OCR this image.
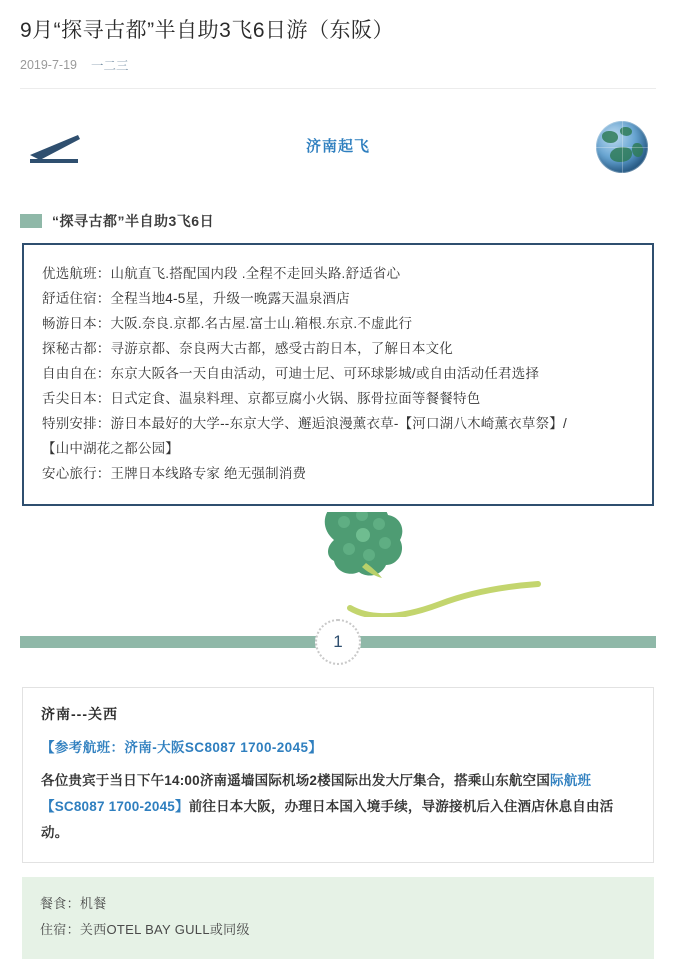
9月“探寻古都”半自助3飞6日游（东阪）
2019-7-19 一二三
济南起飞
“探寻古都”半自助3飞6日
优选航班：山航直飞.搭配国内段 .全程不走回头路.舒适省心
舒适住宿：全程当地4-5星，升级一晚露天温泉酒店
畅游日本：大阪.奈良.京都.名古屋.富士山.箱根.东京.不虚此行
探秘古都：寻游京都、奈良两大古都，感受古韵日本，了解日本文化
自由自在：东京大阪各一天自由活动，可迪士尼、可环球影城/或自由活动任君选择
舌尖日本：日式定食、温泉料理、京都豆腐小火锅、豚骨拉面等餐餐特色
特别安排：游日本最好的大学--东京大学、邂逅浪漫薰衣草-【河口湖八木崎薰衣草祭】/
【山中湖花之都公园】
安心旅行：王牌日本线路专家 绝无强制消费
1
济南---关西
【参考航班：济南-大阪SC8087 1700-2045】
各位贵宾于当日下午14:00济南遥墙国际机场2楼国际出发大厅集合，搭乘山东航空国际航班【SC8087 1700-2045】前往日本大阪，办理日本国入境手续，导游接机后入住酒店休息自由活动。
餐食：机餐
住宿：关西OTEL BAY GULL或同级
